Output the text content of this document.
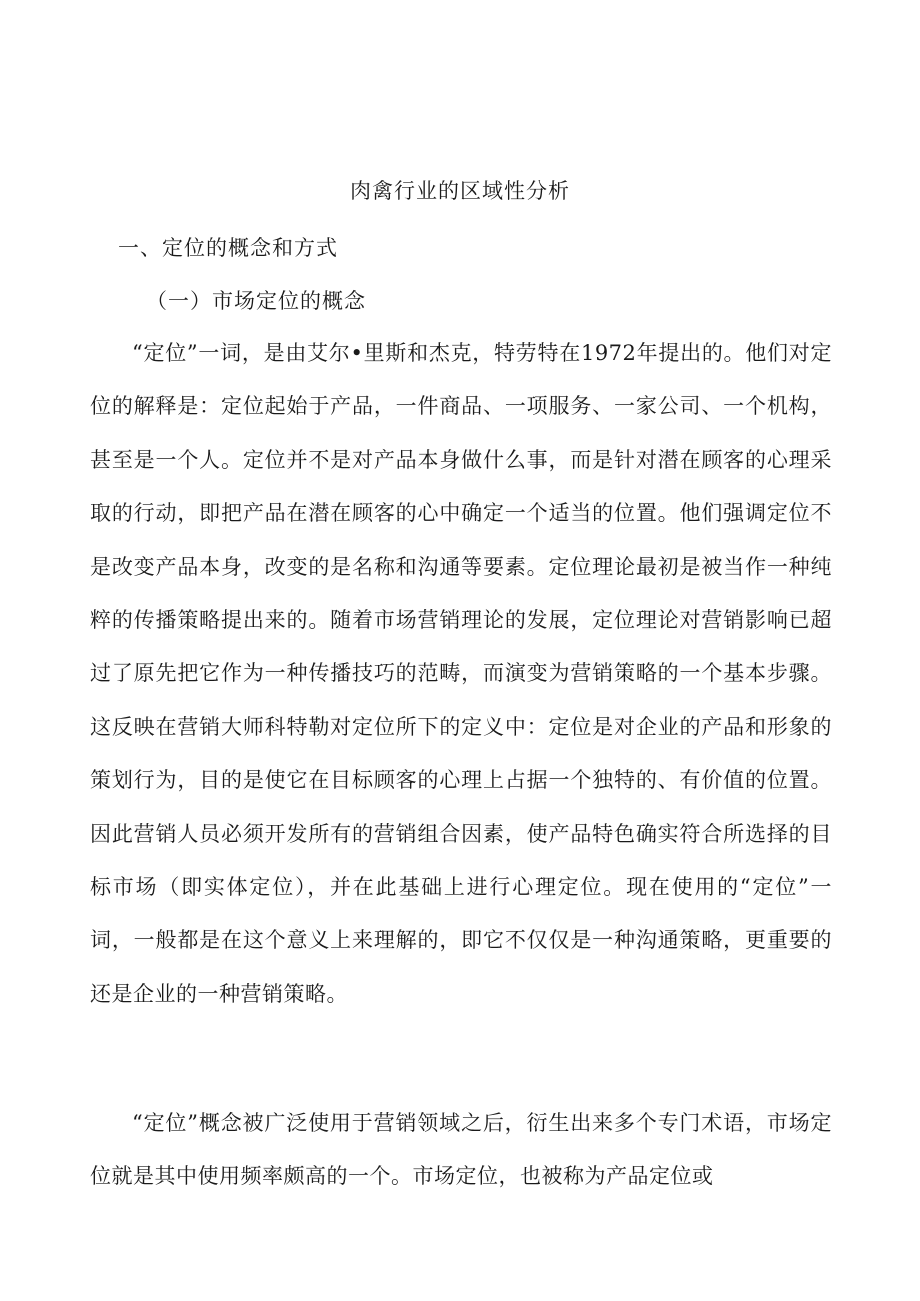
肉禽行业的区域性分析
一、定位的概念和方式
（一）市场定位的概念

“定位”一词，是由艾尔•里斯和杰克，特劳特在1972年提出的。他们对定位的解释是：定位起始于产品，一件商品、一项服务、一家公司、一个机构，甚至是一个人。定位并不是对产品本身做什么事，而是针对潜在顾客的心理采取的行动，即把产品在潜在顾客的心中确定一个适当的位置。他们强调定位不是改变产品本身，改变的是名称和沟通等要素。定位理论最初是被当作一种纯粹的传播策略提出来的。随着市场营销理论的发展，定位理论对营销影响已超过了原先把它作为一种传播技巧的范畴，而演变为营销策略的一个基本步骤。这反映在营销大师科特勒对定位所下的定义中：定位是对企业的产品和形象的策划行为，目的是使它在目标顾客的心理上占据一个独特的、有价值的位置。因此营销人员必须开发所有的营销组合因素，使产品特色确实符合所选择的目标市场（即实体定位），并在此基础上进行心理定位。现在使用的“定位”一词，一般都是在这个意义上来理解的，即它不仅仅是一种沟通策略，更重要的还是企业的一种营销策略。

“定位”概念被广泛使用于营销领域之后，衍生出来多个专门术语，市场定位就是其中使用频率颇高的一个。市场定位，也被称为产品定位或
